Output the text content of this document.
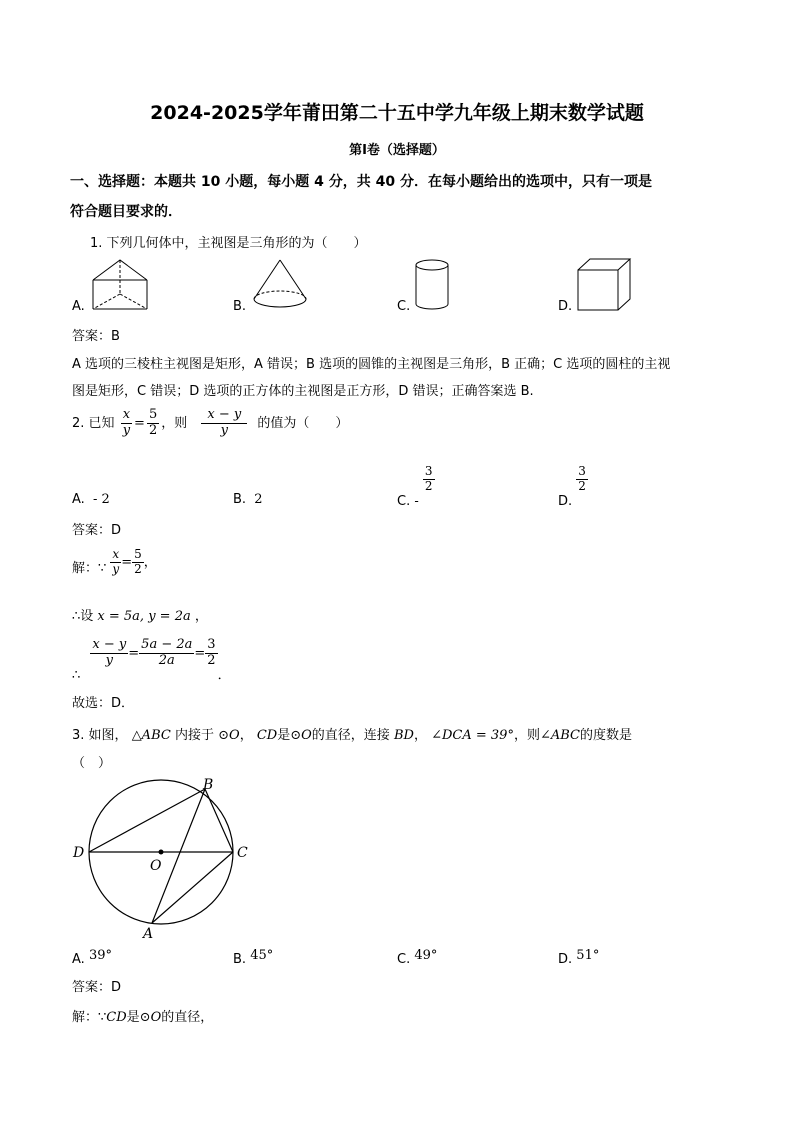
2024-2025学年莆田第二十五中学九年级上期末数学试题
第Ⅰ卷（选择题）
一、选择题：本题共 10 小题，每小题 4 分，共 40 分．在每小题给出的选项中，只有一项是
符合题目要求的．
1. 下列几何体中，主视图是三角形的为（　　）
A.	B.	C.	D.
答案：B
A 选项的三棱柱主视图是矩形，A 错误；B 选项的圆锥的主视图是三角形，B 正确；C 选项的圆柱的主视
图是矩形，C 错误；D 选项的正方体的主视图是正方形，D 错误；正确答案选 B.
2. 已知 $\frac{x}{y} = \frac{5}{2}$ ，则 $\frac{x - y}{y}$ 的值为（　　）
A. - 2	B. 2	C. -
$\frac{3}{2}$
D.
$\frac{3}{2}$
答案：D
解：∵ $\frac{x}{y} = \frac{5}{2}$ ，
∴设 x = 5a, y = 2a ，
∴
$\frac{x - y}{y} = \frac{5a - 2a}{2a} = \frac{3}{2}$
．
故选：D．
3. 如图， △ABC 内接于 ⊙O， CD是⊙O的直径，连接 BD， ∠DCA = 39°，则∠ABC的度数是
（　）
B
D
O
C
A
A. 39°	B. 45°	C. 49°	D. 51°
答案：D
解：∵CD是⊙O的直径，
